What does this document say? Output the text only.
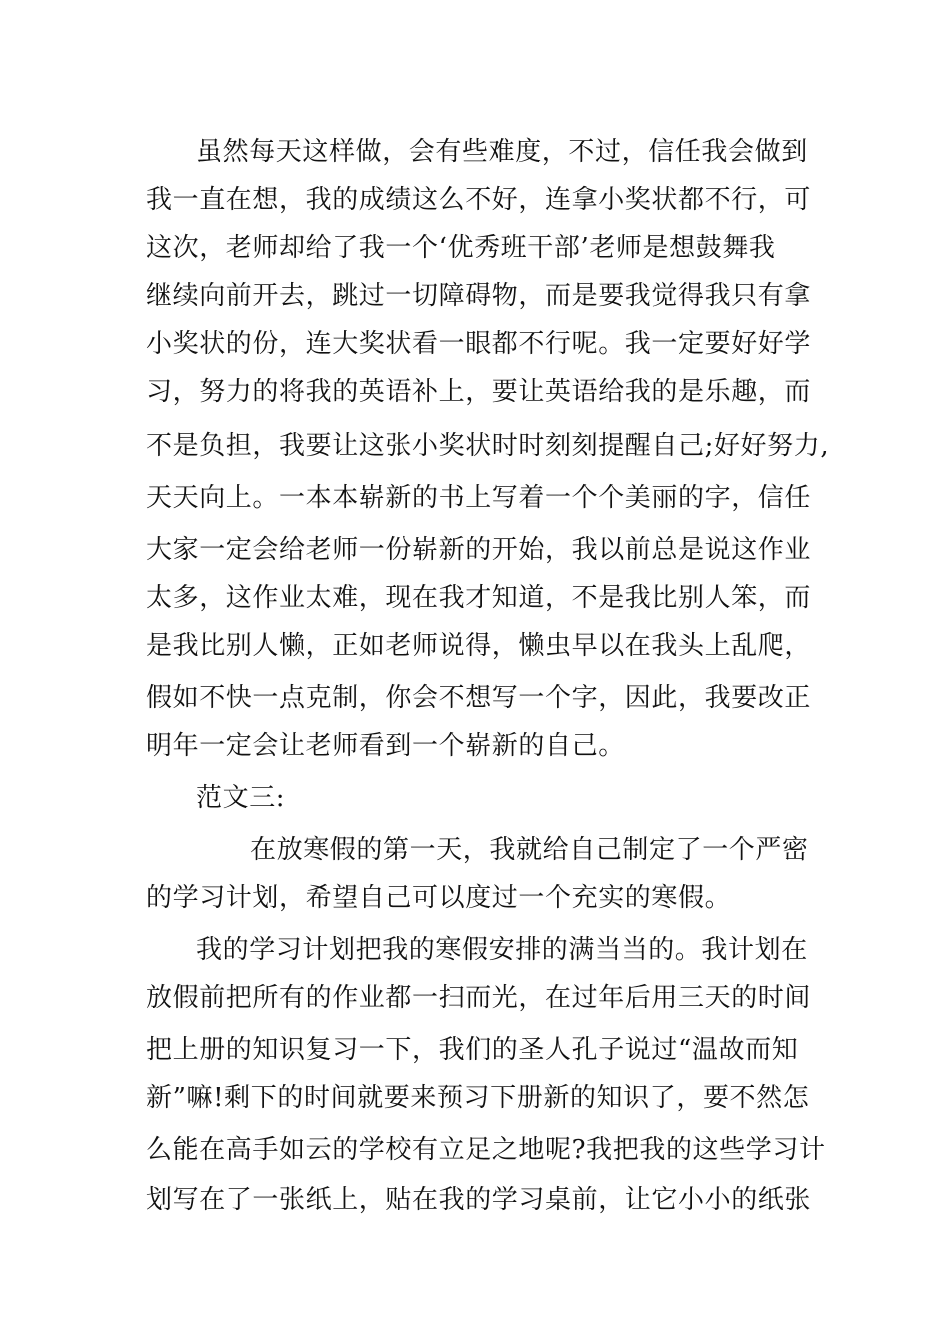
虽然每天这样做，会有些难度，不过，信任我会做到
我一直在想，我的成绩这么不好，连拿小奖状都不行，可
这次，老师却给了我一个‘优秀班干部’老师是想鼓舞我
继续向前开去，跳过一切障碍物，而是要我觉得我只有拿
小奖状的份，连大奖状看一眼都不行呢。我一定要好好学
习，努力的将我的英语补上，要让英语给我的是乐趣，而
不是负担，我要让这张小奖状时时刻刻提醒自己;好好努力,
天天向上。一本本崭新的书上写着一个个美丽的字，信任
大家一定会给老师一份崭新的开始，我以前总是说这作业
太多，这作业太难，现在我才知道，不是我比别人笨，而
是我比别人懒，正如老师说得，懒虫早以在我头上乱爬，
假如不快一点克制，你会不想写一个字，因此，我要改正
明年一定会让老师看到一个崭新的自己。
范文三:
在放寒假的第一天，我就给自己制定了一个严密
的学习计划，希望自己可以度过一个充实的寒假。
我的学习计划把我的寒假安排的满当当的。我计划在
放假前把所有的作业都一扫而光，在过年后用三天的时间
把上册的知识复习一下，我们的圣人孔子说过“温故而知
新”嘛!剩下的时间就要来预习下册新的知识了，要不然怎
么能在高手如云的学校有立足之地呢?我把我的这些学习计
划写在了一张纸上，贴在我的学习桌前，让它小小的纸张
